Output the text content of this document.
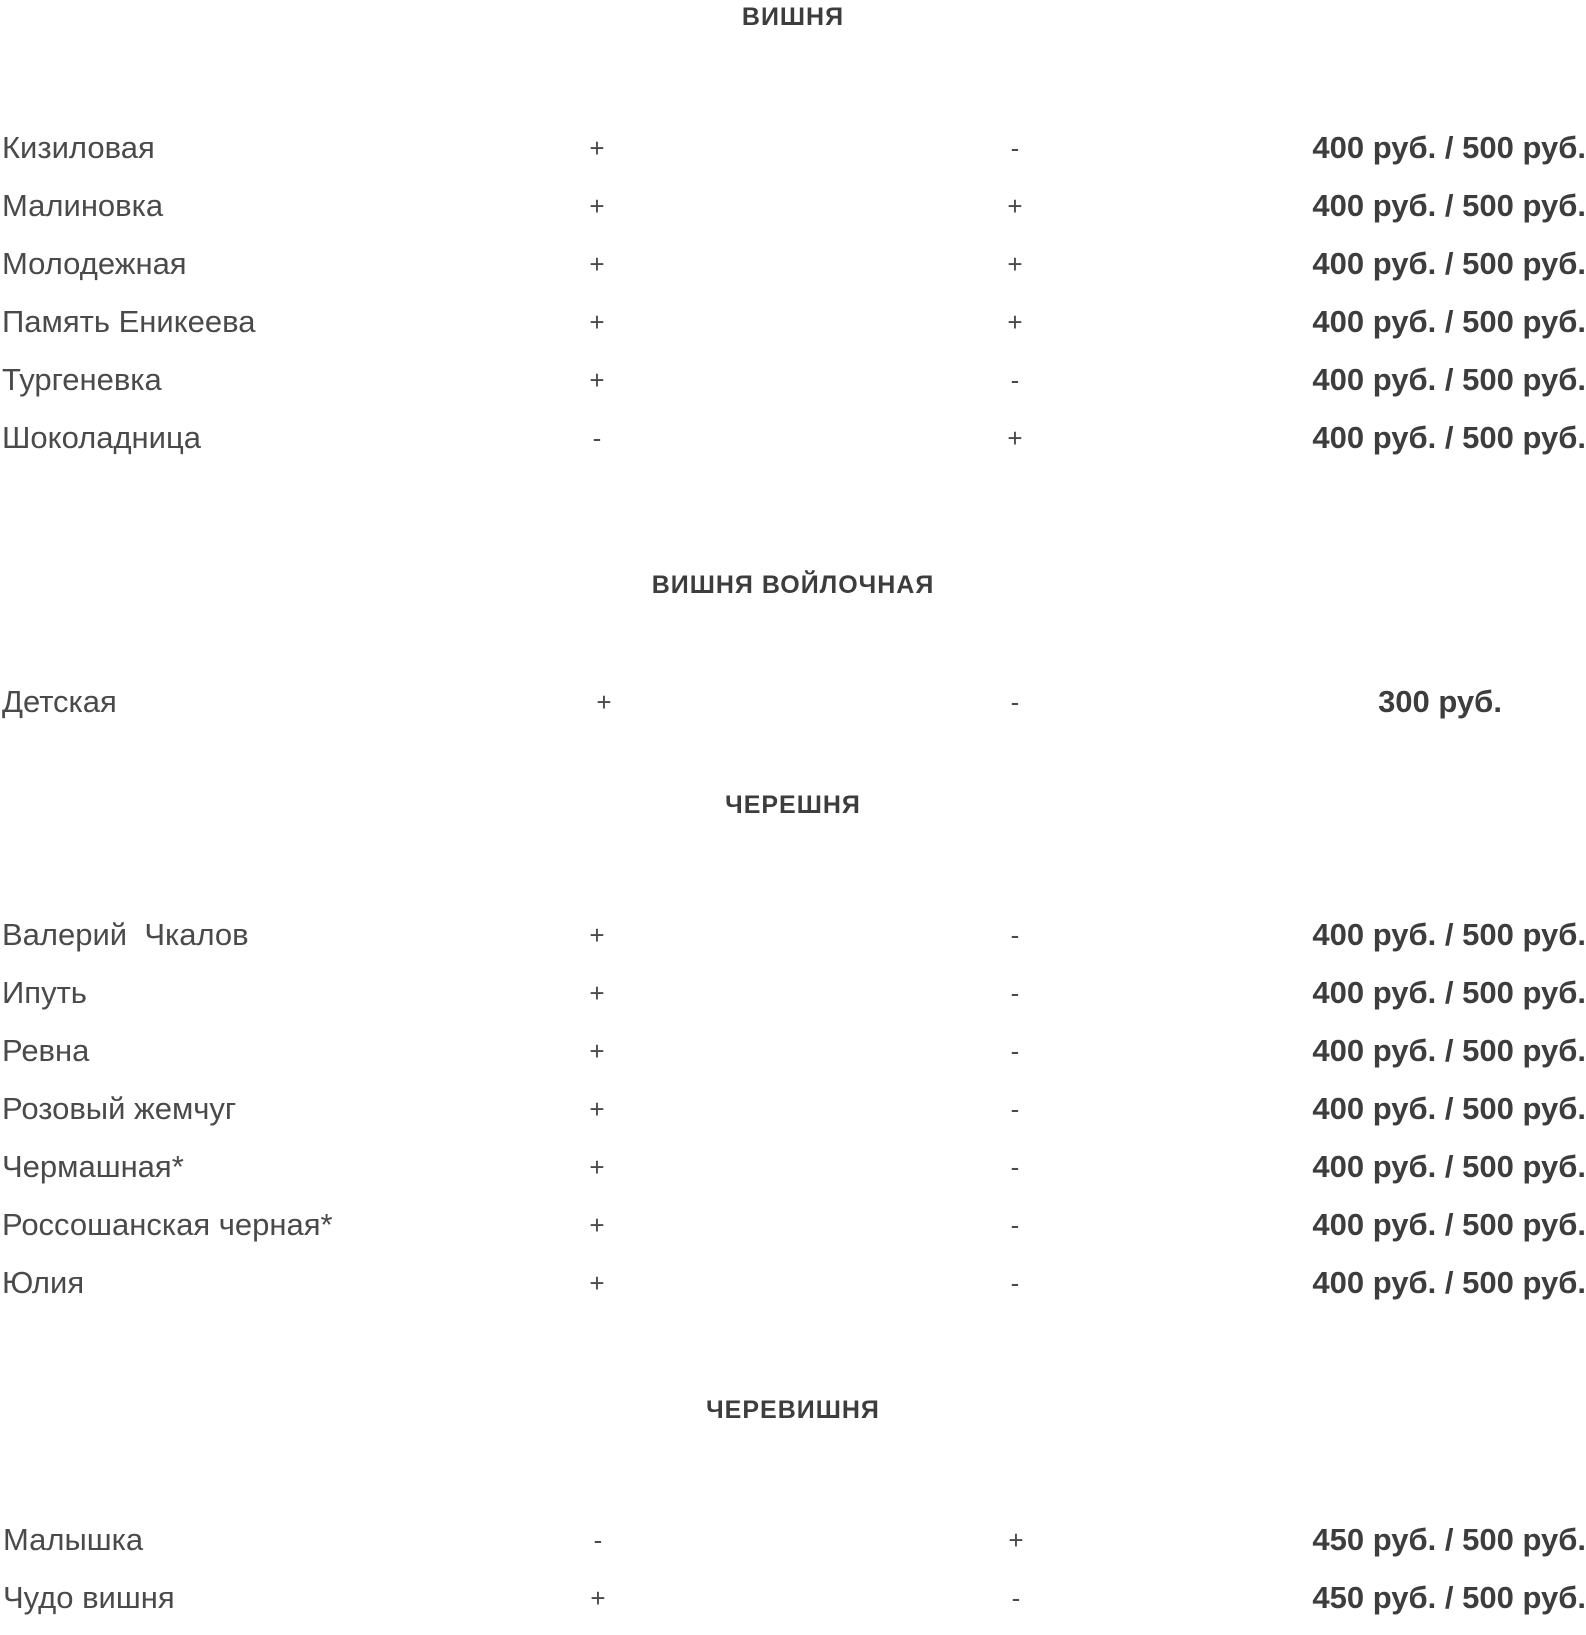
ВИШНЯ
Кизиловая	+	-	400 руб. / 500 руб.
Малиновка	+	+	400 руб. / 500 руб.
Молодежная	+	+	400 руб. / 500 руб.
Память Еникеева	+	+	400 руб. / 500 руб.
Тургеневка	+	-	400 руб. / 500 руб.
Шоколадница	-	+	400 руб. / 500 руб.
ВИШНЯ ВОЙЛОЧНАЯ
Детская	+	-	300 руб.
ЧЕРЕШНЯ
Валерий  Чкалов	+	-	400 руб. / 500 руб.
Ипуть	+	-	400 руб. / 500 руб.
Ревна	+	-	400 руб. / 500 руб.
Розовый жемчуг	+	-	400 руб. / 500 руб.
Чермашная*	+	-	400 руб. / 500 руб.
Россошанская черная*	+	-	400 руб. / 500 руб.
Юлия	+	-	400 руб. / 500 руб.
ЧЕРЕВИШНЯ
Малышка	-	+	450 руб. / 500 руб.
Чудо вишня	+	-	450 руб. / 500 руб.
